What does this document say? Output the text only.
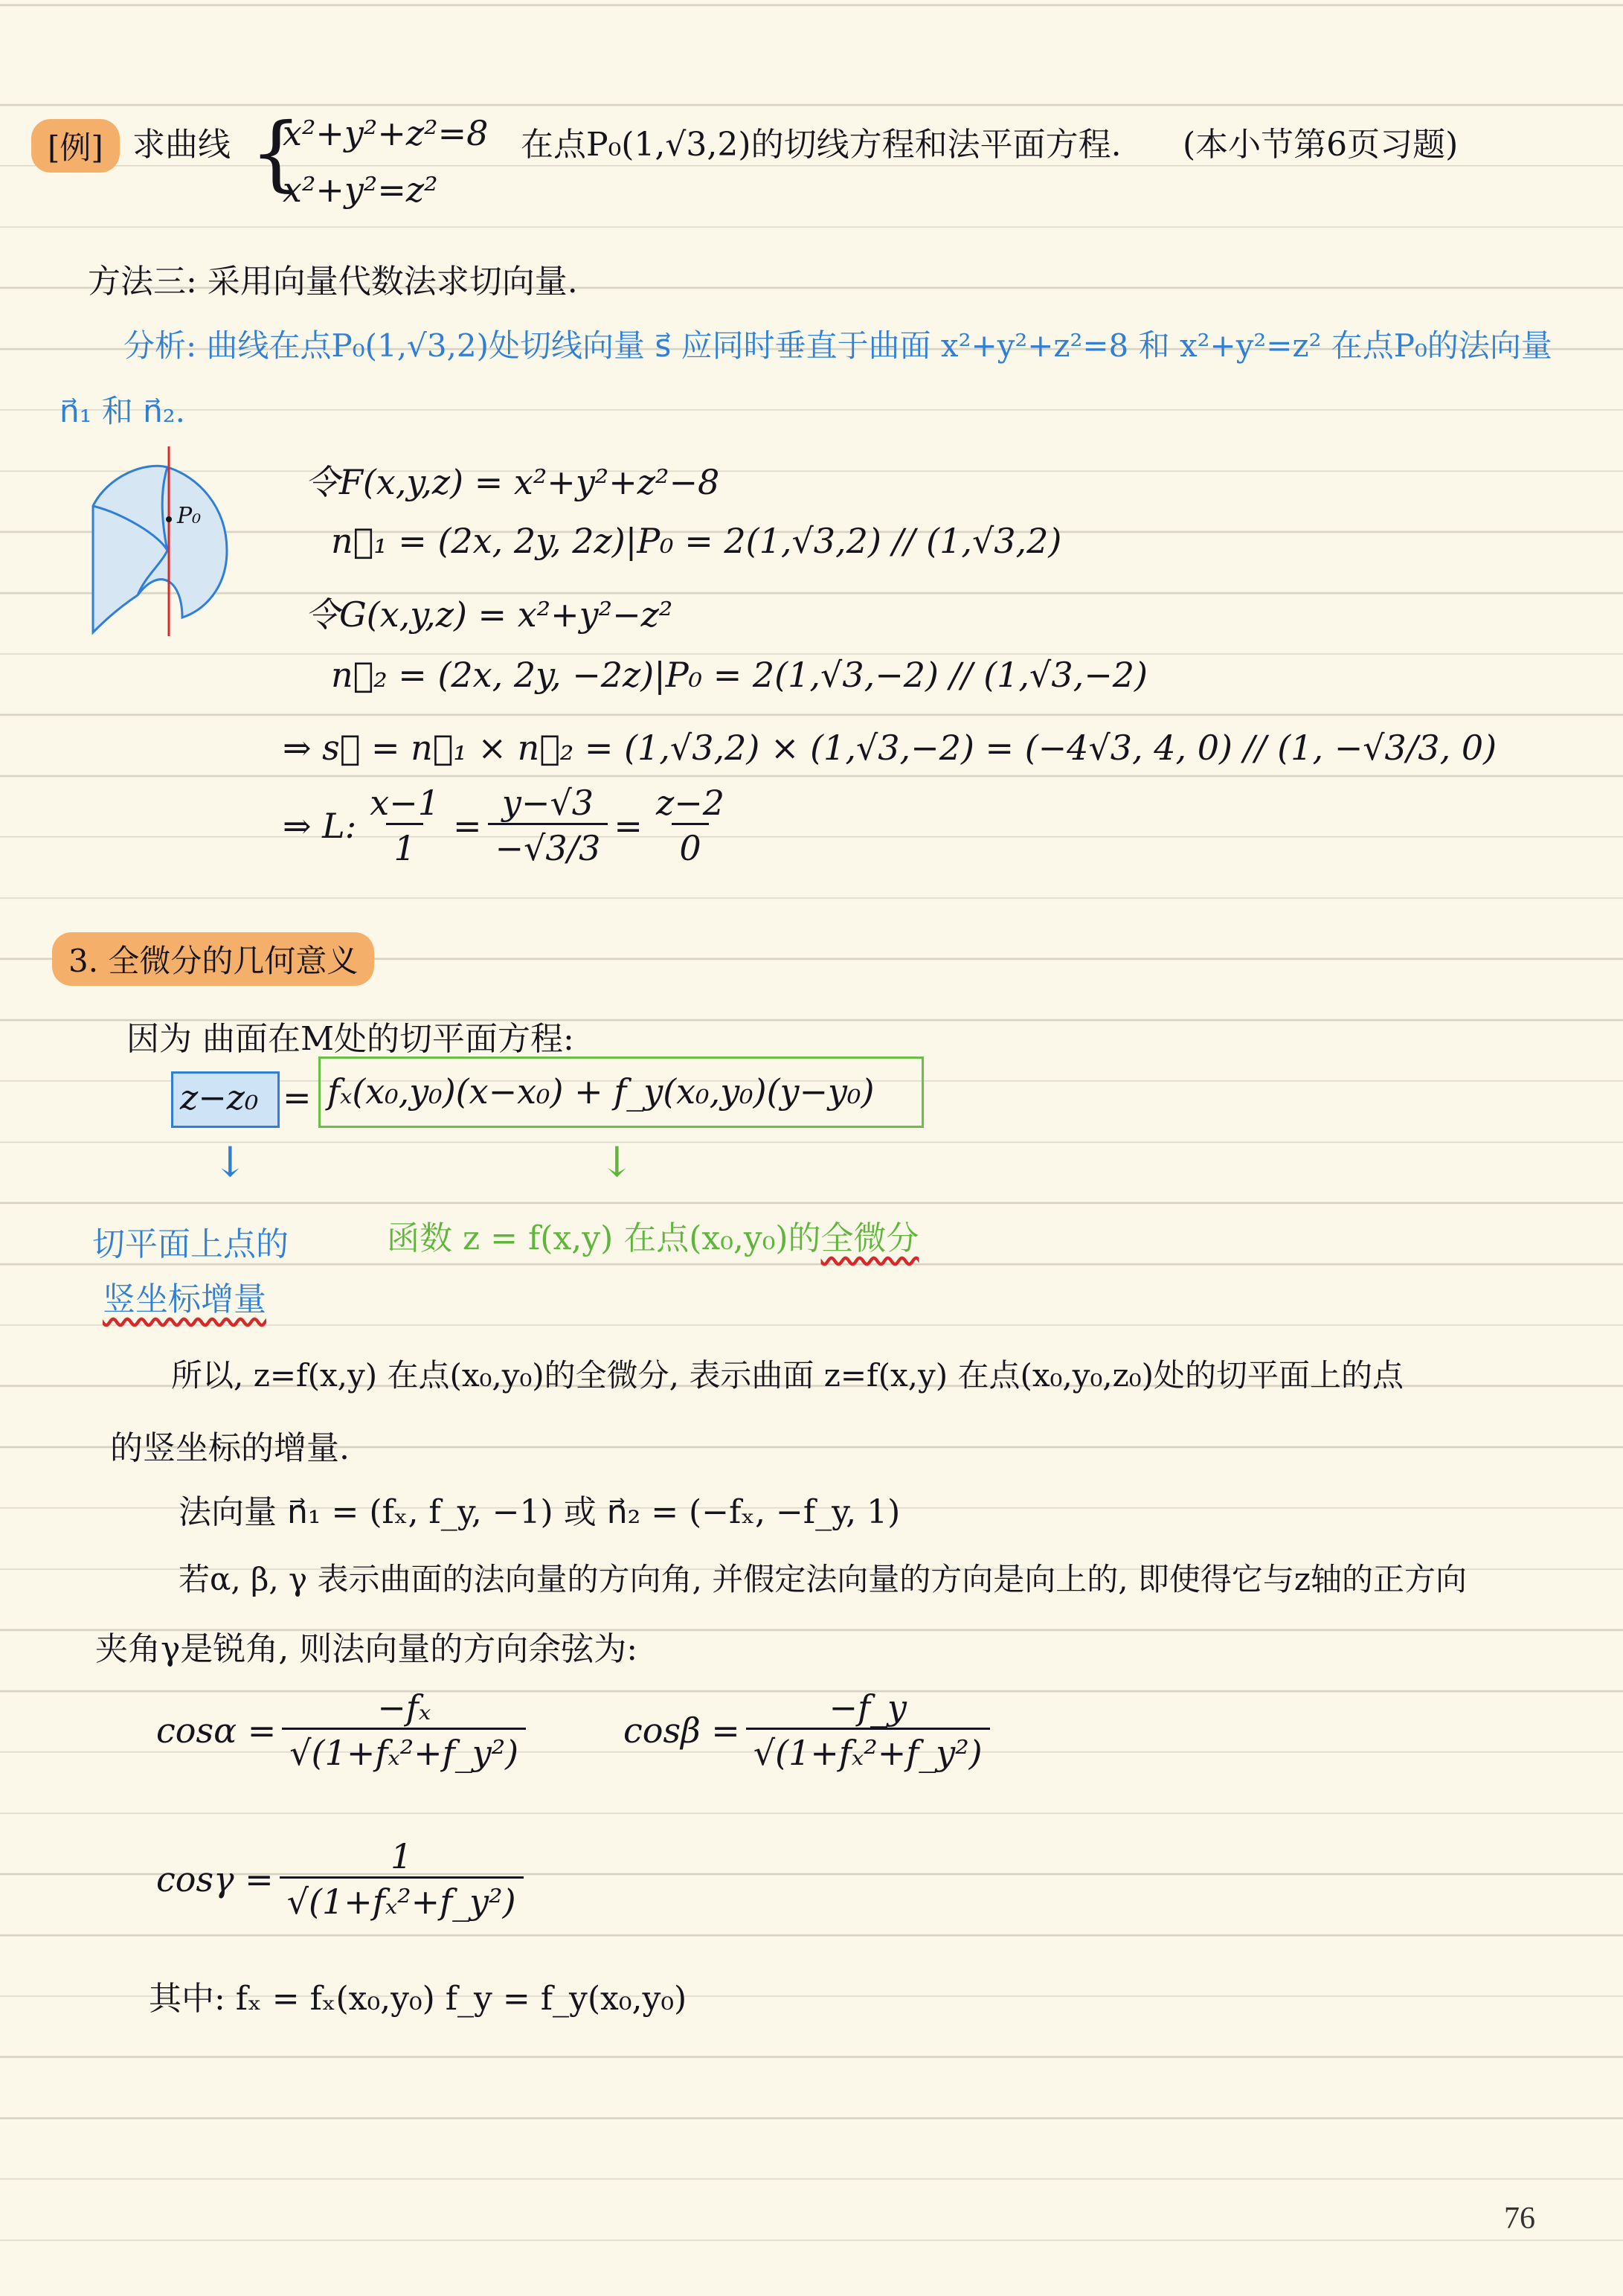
[例] 求曲线 {
x²+y²+z²=8
x²+y²=z²
在点P₀(1,√3,2)的切线方程和法平面方程. (本小节第6页习题)
方法三: 采用向量代数法求切向量.
分析: 曲线在点P₀(1,√3,2)处切线向量 s⃗ 应同时垂直于曲面 x²+y²+z²=8 和 x²+y²=z² 在点P₀的法向量
n⃗₁ 和 n⃗₂.
P₀
令F(x,y,z) = x²+y²+z²−8
n⃗₁ = (2x, 2y, 2z)|P₀ = 2(1,√3,2) // (1,√3,2)
令G(x,y,z) = x²+y²−z²
n⃗₂ = (2x, 2y, −2z)|P₀ = 2(1,√3,−2) // (1,√3,−2)
⇒ s⃗ = n⃗₁ × n⃗₂ = (1,√3,2) × (1,√3,−2) = (−4√3, 4, 0) // (1, −√3/3, 0)
⇒ L: $\frac{x-1}{1} = \frac{y-√3}{-√3/3} = \frac{z-2}{0}$
3. 全微分的几何意义
因为 曲面在M处的切平面方程:
z−z₀ = fₓ(x₀,y₀)(x−x₀) + f_y(x₀,y₀)(y−y₀)
↓	↓
切平面上点的
竖坐标增量
函数 z = f(x,y) 在点(x₀,y₀)的全微分
所以, z=f(x,y) 在点(x₀,y₀)的全微分, 表示曲面 z=f(x,y) 在点(x₀,y₀,z₀)处的切平面上的点
的竖坐标的增量.
法向量 n⃗₁ = (fₓ, f_y, −1) 或 n⃗₂ = (−fₓ, −f_y, 1)
若α, β, γ 表示曲面的法向量的方向角, 并假定法向量的方向是向上的, 即使得它与z轴的正方向
夹角γ是锐角, 则法向量的方向余弦为:
$\cos\alpha = \frac{\text{−fₓ}}{\text{√(1+fₓ²+f\_y²)}}$	$\cos\beta = \frac{-f\_y}{\text{√(1+fₓ²+f\_y²)}}$
$\cos\gamma = \frac{1}{\text{√(1+fₓ²+f\_y²)}}$
其中: fₓ = fₓ(x₀,y₀) f_y = f_y(x₀,y₀)
76
